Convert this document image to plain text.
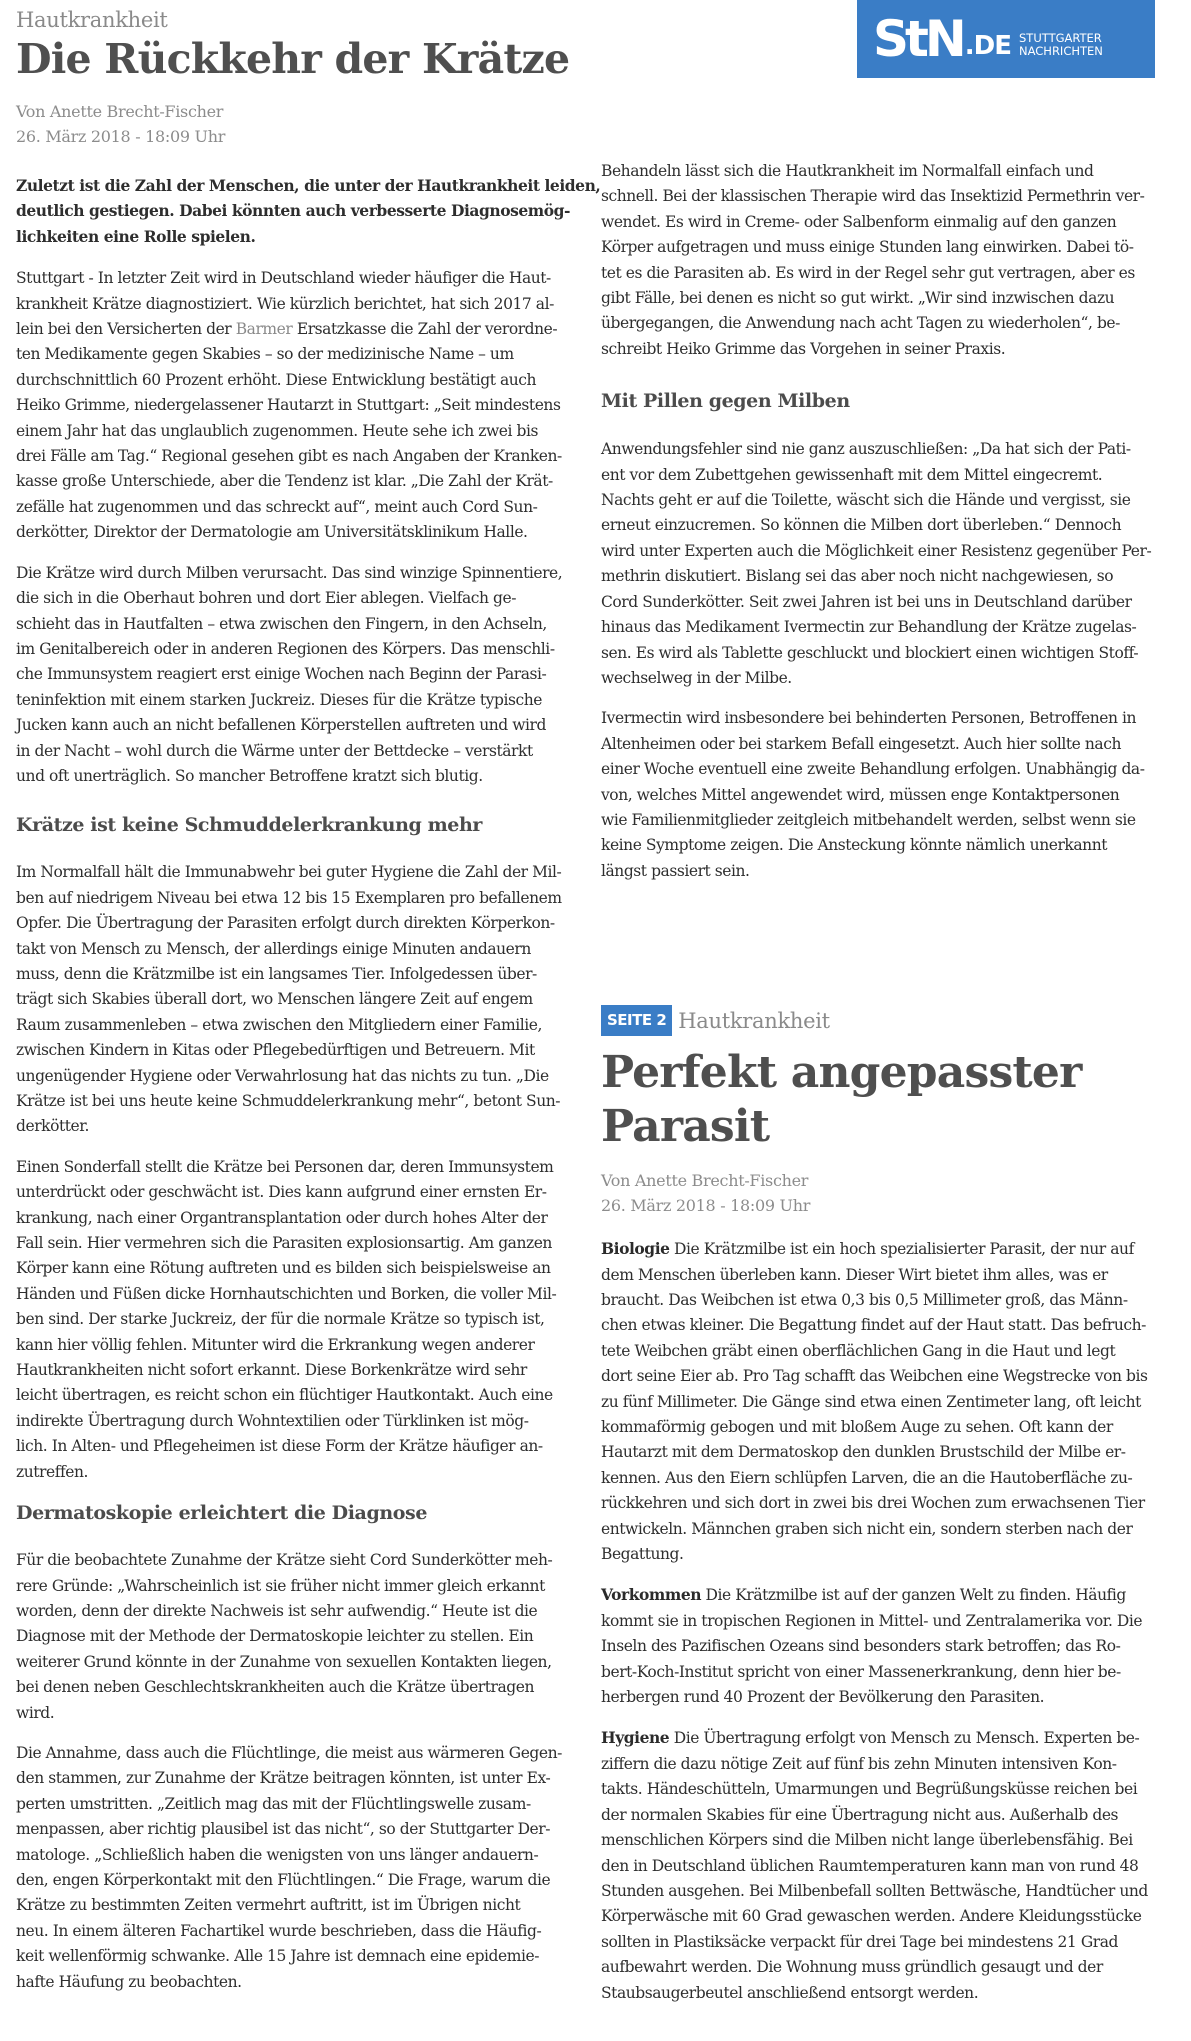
StN .DE STUTTGARTER
NACHRICHTEN
Hautkrankheit
Die Rückkehr der Krätze
Von Anette Brecht-Fischer
26. März 2018 - 18:09 Uhr
Zuletzt ist die Zahl der Menschen, die unter der Hautkrankheit leiden,
deutlich gestiegen. Dabei könnten auch verbesserte Diagnosemög-
lichkeiten eine Rolle spielen.
Stuttgart - In letzter Zeit wird in Deutschland wieder häufiger die Haut-
krankheit Krätze diagnostiziert. Wie kürzlich berichtet, hat sich 2017 al-
lein bei den Versicherten der Barmer Ersatzkasse die Zahl der verordne-
ten Medikamente gegen Skabies – so der medizinische Name – um
durchschnittlich 60 Prozent erhöht. Diese Entwicklung bestätigt auch
Heiko Grimme, niedergelassener Hautarzt in Stuttgart: „Seit mindestens
einem Jahr hat das unglaublich zugenommen. Heute sehe ich zwei bis
drei Fälle am Tag.“ Regional gesehen gibt es nach Angaben der Kranken-
kasse große Unterschiede, aber die Tendenz ist klar. „Die Zahl der Krät-
zefälle hat zugenommen und das schreckt auf“, meint auch Cord Sun-
derkötter, Direktor der Dermatologie am Universitätsklinikum Halle.
Die Krätze wird durch Milben verursacht. Das sind winzige Spinnentiere,
die sich in die Oberhaut bohren und dort Eier ablegen. Vielfach ge-
schieht das in Hautfalten – etwa zwischen den Fingern, in den Achseln,
im Genitalbereich oder in anderen Regionen des Körpers. Das menschli-
che Immunsystem reagiert erst einige Wochen nach Beginn der Parasi-
teninfektion mit einem starken Juckreiz. Dieses für die Krätze typische
Jucken kann auch an nicht befallenen Körperstellen auftreten und wird
in der Nacht – wohl durch die Wärme unter der Bettdecke – verstärkt
und oft unerträglich. So mancher Betroffene kratzt sich blutig.
Krätze ist keine Schmuddelerkrankung mehr
Im Normalfall hält die Immunabwehr bei guter Hygiene die Zahl der Mil-
ben auf niedrigem Niveau bei etwa 12 bis 15 Exemplaren pro befallenem
Opfer. Die Übertragung der Parasiten erfolgt durch direkten Körperkon-
takt von Mensch zu Mensch, der allerdings einige Minuten andauern
muss, denn die Krätzmilbe ist ein langsames Tier. Infolgedessen über-
trägt sich Skabies überall dort, wo Menschen längere Zeit auf engem
Raum zusammenleben – etwa zwischen den Mitgliedern einer Familie,
zwischen Kindern in Kitas oder Pflegebedürftigen und Betreuern. Mit
ungenügender Hygiene oder Verwahrlosung hat das nichts zu tun. „Die
Krätze ist bei uns heute keine Schmuddelerkrankung mehr“, betont Sun-
derkötter.
Einen Sonderfall stellt die Krätze bei Personen dar, deren Immunsystem
unterdrückt oder geschwächt ist. Dies kann aufgrund einer ernsten Er-
krankung, nach einer Organtransplantation oder durch hohes Alter der
Fall sein. Hier vermehren sich die Parasiten explosionsartig. Am ganzen
Körper kann eine Rötung auftreten und es bilden sich beispielsweise an
Händen und Füßen dicke Hornhautschichten und Borken, die voller Mil-
ben sind. Der starke Juckreiz, der für die normale Krätze so typisch ist,
kann hier völlig fehlen. Mitunter wird die Erkrankung wegen anderer
Hautkrankheiten nicht sofort erkannt. Diese Borkenkrätze wird sehr
leicht übertragen, es reicht schon ein flüchtiger Hautkontakt. Auch eine
indirekte Übertragung durch Wohntextilien oder Türklinken ist mög-
lich. In Alten- und Pflegeheimen ist diese Form der Krätze häufiger an-
zutreffen.
Dermatoskopie erleichtert die Diagnose
Für die beobachtete Zunahme der Krätze sieht Cord Sunderkötter meh-
rere Gründe: „Wahrscheinlich ist sie früher nicht immer gleich erkannt
worden, denn der direkte Nachweis ist sehr aufwendig.“ Heute ist die
Diagnose mit der Methode der Dermatoskopie leichter zu stellen. Ein
weiterer Grund könnte in der Zunahme von sexuellen Kontakten liegen,
bei denen neben Geschlechtskrankheiten auch die Krätze übertragen
wird.
Die Annahme, dass auch die Flüchtlinge, die meist aus wärmeren Gegen-
den stammen, zur Zunahme der Krätze beitragen könnten, ist unter Ex-
perten umstritten. „Zeitlich mag das mit der Flüchtlingswelle zusam-
menpassen, aber richtig plausibel ist das nicht“, so der Stuttgarter Der-
matologe. „Schließlich haben die wenigsten von uns länger andauern-
den, engen Körperkontakt mit den Flüchtlingen.“ Die Frage, warum die
Krätze zu bestimmten Zeiten vermehrt auftritt, ist im Übrigen nicht
neu. In einem älteren Fachartikel wurde beschrieben, dass die Häufig-
keit wellenförmig schwanke. Alle 15 Jahre ist demnach eine epidemie-
hafte Häufung zu beobachten.
Behandeln lässt sich die Hautkrankheit im Normalfall einfach und
schnell. Bei der klassischen Therapie wird das Insektizid Permethrin ver-
wendet. Es wird in Creme- oder Salbenform einmalig auf den ganzen
Körper aufgetragen und muss einige Stunden lang einwirken. Dabei tö-
tet es die Parasiten ab. Es wird in der Regel sehr gut vertragen, aber es
gibt Fälle, bei denen es nicht so gut wirkt. „Wir sind inzwischen dazu
übergegangen, die Anwendung nach acht Tagen zu wiederholen“, be-
schreibt Heiko Grimme das Vorgehen in seiner Praxis.
Mit Pillen gegen Milben
Anwendungsfehler sind nie ganz auszuschließen: „Da hat sich der Pati-
ent vor dem Zubettgehen gewissenhaft mit dem Mittel eingecremt.
Nachts geht er auf die Toilette, wäscht sich die Hände und vergisst, sie
erneut einzucremen. So können die Milben dort überleben.“ Dennoch
wird unter Experten auch die Möglichkeit einer Resistenz gegenüber Per-
methrin diskutiert. Bislang sei das aber noch nicht nachgewiesen, so
Cord Sunderkötter. Seit zwei Jahren ist bei uns in Deutschland darüber
hinaus das Medikament Ivermectin zur Behandlung der Krätze zugelas-
sen. Es wird als Tablette geschluckt und blockiert einen wichtigen Stoff-
wechselweg in der Milbe.
Ivermectin wird insbesondere bei behinderten Personen, Betroffenen in
Altenheimen oder bei starkem Befall eingesetzt. Auch hier sollte nach
einer Woche eventuell eine zweite Behandlung erfolgen. Unabhängig da-
von, welches Mittel angewendet wird, müssen enge Kontaktpersonen
wie Familienmitglieder zeitgleich mitbehandelt werden, selbst wenn sie
keine Symptome zeigen. Die Ansteckung könnte nämlich unerkannt
längst passiert sein.
SEITE 2 Hautkrankheit
Perfekt angepasster
Parasit
Von Anette Brecht-Fischer
26. März 2018 - 18:09 Uhr
Biologie Die Krätzmilbe ist ein hoch spezialisierter Parasit, der nur auf
dem Menschen überleben kann. Dieser Wirt bietet ihm alles, was er
braucht. Das Weibchen ist etwa 0,3 bis 0,5 Millimeter groß, das Männ-
chen etwas kleiner. Die Begattung findet auf der Haut statt. Das befruch-
tete Weibchen gräbt einen oberflächlichen Gang in die Haut und legt
dort seine Eier ab. Pro Tag schafft das Weibchen eine Wegstrecke von bis
zu fünf Millimeter. Die Gänge sind etwa einen Zentimeter lang, oft leicht
kommaförmig gebogen und mit bloßem Auge zu sehen. Oft kann der
Hautarzt mit dem Dermatoskop den dunklen Brustschild der Milbe er-
kennen. Aus den Eiern schlüpfen Larven, die an die Hautoberfläche zu-
rückkehren und sich dort in zwei bis drei Wochen zum erwachsenen Tier
entwickeln. Männchen graben sich nicht ein, sondern sterben nach der
Begattung.
Vorkommen Die Krätzmilbe ist auf der ganzen Welt zu finden. Häufig
kommt sie in tropischen Regionen in Mittel- und Zentralamerika vor. Die
Inseln des Pazifischen Ozeans sind besonders stark betroffen; das Ro-
bert-Koch-Institut spricht von einer Massenerkrankung, denn hier be-
herbergen rund 40 Prozent der Bevölkerung den Parasiten.
Hygiene Die Übertragung erfolgt von Mensch zu Mensch. Experten be-
ziffern die dazu nötige Zeit auf fünf bis zehn Minuten intensiven Kon-
takts. Händeschütteln, Umarmungen und Begrüßungsküsse reichen bei
der normalen Skabies für eine Übertragung nicht aus. Außerhalb des
menschlichen Körpers sind die Milben nicht lange überlebensfähig. Bei
den in Deutschland üblichen Raumtemperaturen kann man von rund 48
Stunden ausgehen. Bei Milbenbefall sollten Bettwäsche, Handtücher und
Körperwäsche mit 60 Grad gewaschen werden. Andere Kleidungsstücke
sollten in Plastiksäcke verpackt für drei Tage bei mindestens 21 Grad
aufbewahrt werden. Die Wohnung muss gründlich gesaugt und der
Staubsaugerbeutel anschließend entsorgt werden.
